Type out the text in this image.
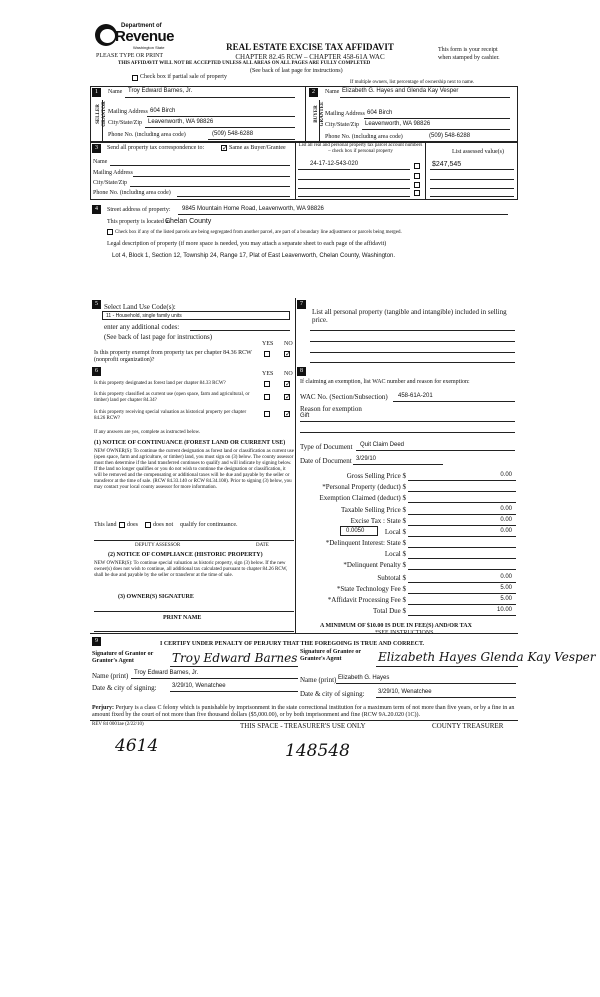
Department of
Revenue
Washington State
PLEASE TYPE OR PRINT
REAL ESTATE EXCISE TAX AFFIDAVIT
CHAPTER 82.45 RCW – CHAPTER 458-61A WAC
THIS AFFIDAVIT WILL NOT BE ACCEPTED UNLESS ALL AREAS ON ALL PAGES ARE FULLY COMPLETED
(See back of last page for instructions)
This form is your receipt
when stamped by cashier.
Check box if partial sale of property
If multiple owners, list percentage of ownership next to name.
1
SELLER GRANTOR
Name Troy Edward Barnes, Jr.
Mailing Address 604 Birch
City/State/Zip Leavenworth, WA 98826
Phone No. (including area code)	(509) 548-6288
2
BUYER GRANTEE
Name Elizabeth G. Hayes and Glenda Kay Vesper
Mailing Address 604 Birch
City/State/Zip Leavenworth, WA 98826
Phone No. (including area code)	(509) 548-6288
3	Send all property tax correspondence to:	✓ Same as Buyer/Grantee
Name
Mailing Address
City/State/Zip
Phone No. (including area code)
List all real and personal property tax parcel account numbers – check box if personal property	List assessed value(s)
24-17-12-543-020	$247,545
4	Street address of property: 9845 Mountain Home Road, Leavenworth, WA 98826
This property is located in
Chelan County
Check box if any of the listed parcels are being segregated from another parcel, are part of a boundary line adjustment or parcels being merged.
Legal description of property (if more space is needed, you may attach a separate sheet to each page of the affidavit)
Lot 4, Block 1, Section 12, Township 24, Range 17, Plat of East Leavenworth, Chelan County, Washington.
5 Select Land Use Code(s):
11 - Household, single family units
enter any additional codes:
(See back of last page for instructions)
YES NO
Is this property exempt from property tax per chapter 84.36 RCW (nonprofit organization)?
✓
6	YES NO
Is this property designated as forest land per chapter 84.33 RCW?	✓
Is this property classified as current use (open space, farm and agricultural, or timber) land per chapter 84.34?	✓
Is this property receiving special valuation as historical property per chapter 84.26 RCW?
✓
If any answers are yes, complete as instructed below.
(1) NOTICE OF CONTINUANCE (FOREST LAND OR CURRENT USE)
NEW OWNER(S): To continue the current designation as forest land or classification as current use (open space, farm and agriculture, or timber) land, you must sign on (3) below. The county assessor must then determine if the land transferred continues to qualify and will indicate by signing below. If the land no longer qualifies or you do not wish to continue the designation or classification, it will be removed and the compensating or additional taxes will be due and payable by the seller or transferor at the time of sale. (RCW 84.33.140 or RCW 84.34.108). Prior to signing (3) below, you may contact your local county assessor for more information.
This land does	does not qualify for continuance.
DEPUTY ASSESSOR	DATE
(2) NOTICE OF COMPLIANCE (HISTORIC PROPERTY)
NEW OWNER(S): To continue special valuation as historic property, sign (3) below. If the new owner(s) does not wish to continue, all additional tax calculated pursuant to chapter 84.26 RCW, shall be due and payable by the seller or transferor at the time of sale.
(3) OWNER(S) SIGNATURE
PRINT NAME
7
List all personal property (tangible and intangible) included in selling price.
8
If claiming an exemption, list WAC number and reason for exemption:
WAC No. (Section/Subsection) 458-61A-201
Reason for exemption
Gift
Type of Document Quit Claim Deed
Date of Document 3/29/10
Gross Selling Price $	0.00
*Personal Property (deduct) $
Exemption Claimed (deduct) $
Taxable Selling Price $	0.00
Excise Tax : State $	0.00
0.0050	Local $	0.00
*Delinquent Interest: State $
Local $
*Delinquent Penalty $
Subtotal $	0.00
*State Technology Fee $	5.00
*Affidavit Processing Fee $	5.00
Total Due $	10.00
A MINIMUM OF $10.00 IS DUE IN FEE(S) AND/OR TAX
*SEE INSTRUCTIONS
9	I CERTIFY UNDER PENALTY OF PERJURY THAT THE FOREGOING IS TRUE AND CORRECT.
Signature of Grantor or Grantor's Agent	Troy Edward Barnes
Name (print) Troy Edward Barnes, Jr.
Date & city of signing:	3/29/10, Wenatchee
Signature of Grantee or Grantee's Agent	Elizabeth Hayes Glenda Kay Vesper
Name (print) Elizabeth G. Hayes
Date & city of signing: 3/29/10, Wenatchee
Perjury: Perjury is a class C felony which is punishable by imprisonment in the state correctional institution for a maximum term of not more than five years, or by a fine in an amount fixed by the court of not more than five thousand dollars ($5,000.00), or by both imprisonment and fine (RCW 9A.20.020 (1C)).
REV 84 0001ae (2/22/10)	THIS SPACE - TREASURER'S USE ONLY	COUNTY TREASURER
4614	148548
